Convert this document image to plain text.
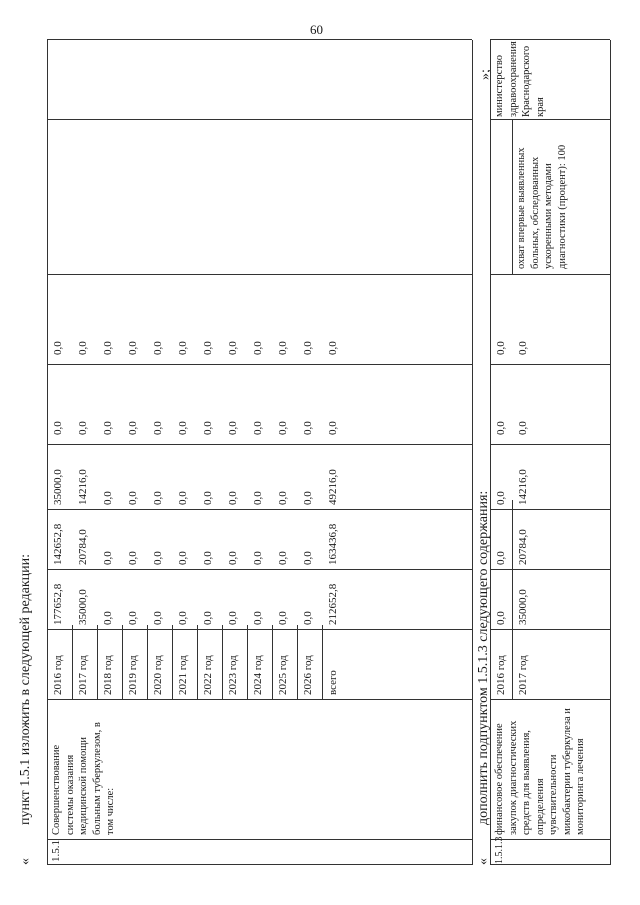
60
«
пункт 1.5.1 изложить в следующей редакции:
1.5.1
Совершенствование системы оказания медицинской помощи больным туберкулезом, в том числе:
2016 год
177652,8
142652,8
35000,0
0,0
0,0
2017 год
35000,0
20784,0
14216,0
0,0
0,0
2018 год
0,0
0,0
0,0
0,0
0,0
2019 год
0,0
0,0
0,0
0,0
0,0
2020 год
0,0
0,0
0,0
0,0
0,0
2021 год
0,0
0,0
0,0
0,0
0,0
2022 год
0,0
0,0
0,0
0,0
0,0
2023 год
0,0
0,0
0,0
0,0
0,0
2024 год
0,0
0,0
0,0
0,0
0,0
2025 год
0,0
0,0
0,0
0,0
0,0
2026 год
0,0
0,0
0,0
0,0
0,0
всего
212652,8
163436,8
49216,0
0,0
0,0
«
дополнить подпунктом 1.5.1.3 следующего содержания:
»;
1.5.1.3
финансовое обеспечение закупок диагностических средств для выявления, определения чувствительности микобактерии туберкулеза и мониторинга лечения
2016 год
0,0
0,0
0,0
0,0
0,0
2017 год
35000,0
20784,0
14216,0
0,0
0,0
охват впервые выявленных больных, обследованных ускоренными методами диагностики (процент): 100
министерство здравоохранения Краснодарского края
